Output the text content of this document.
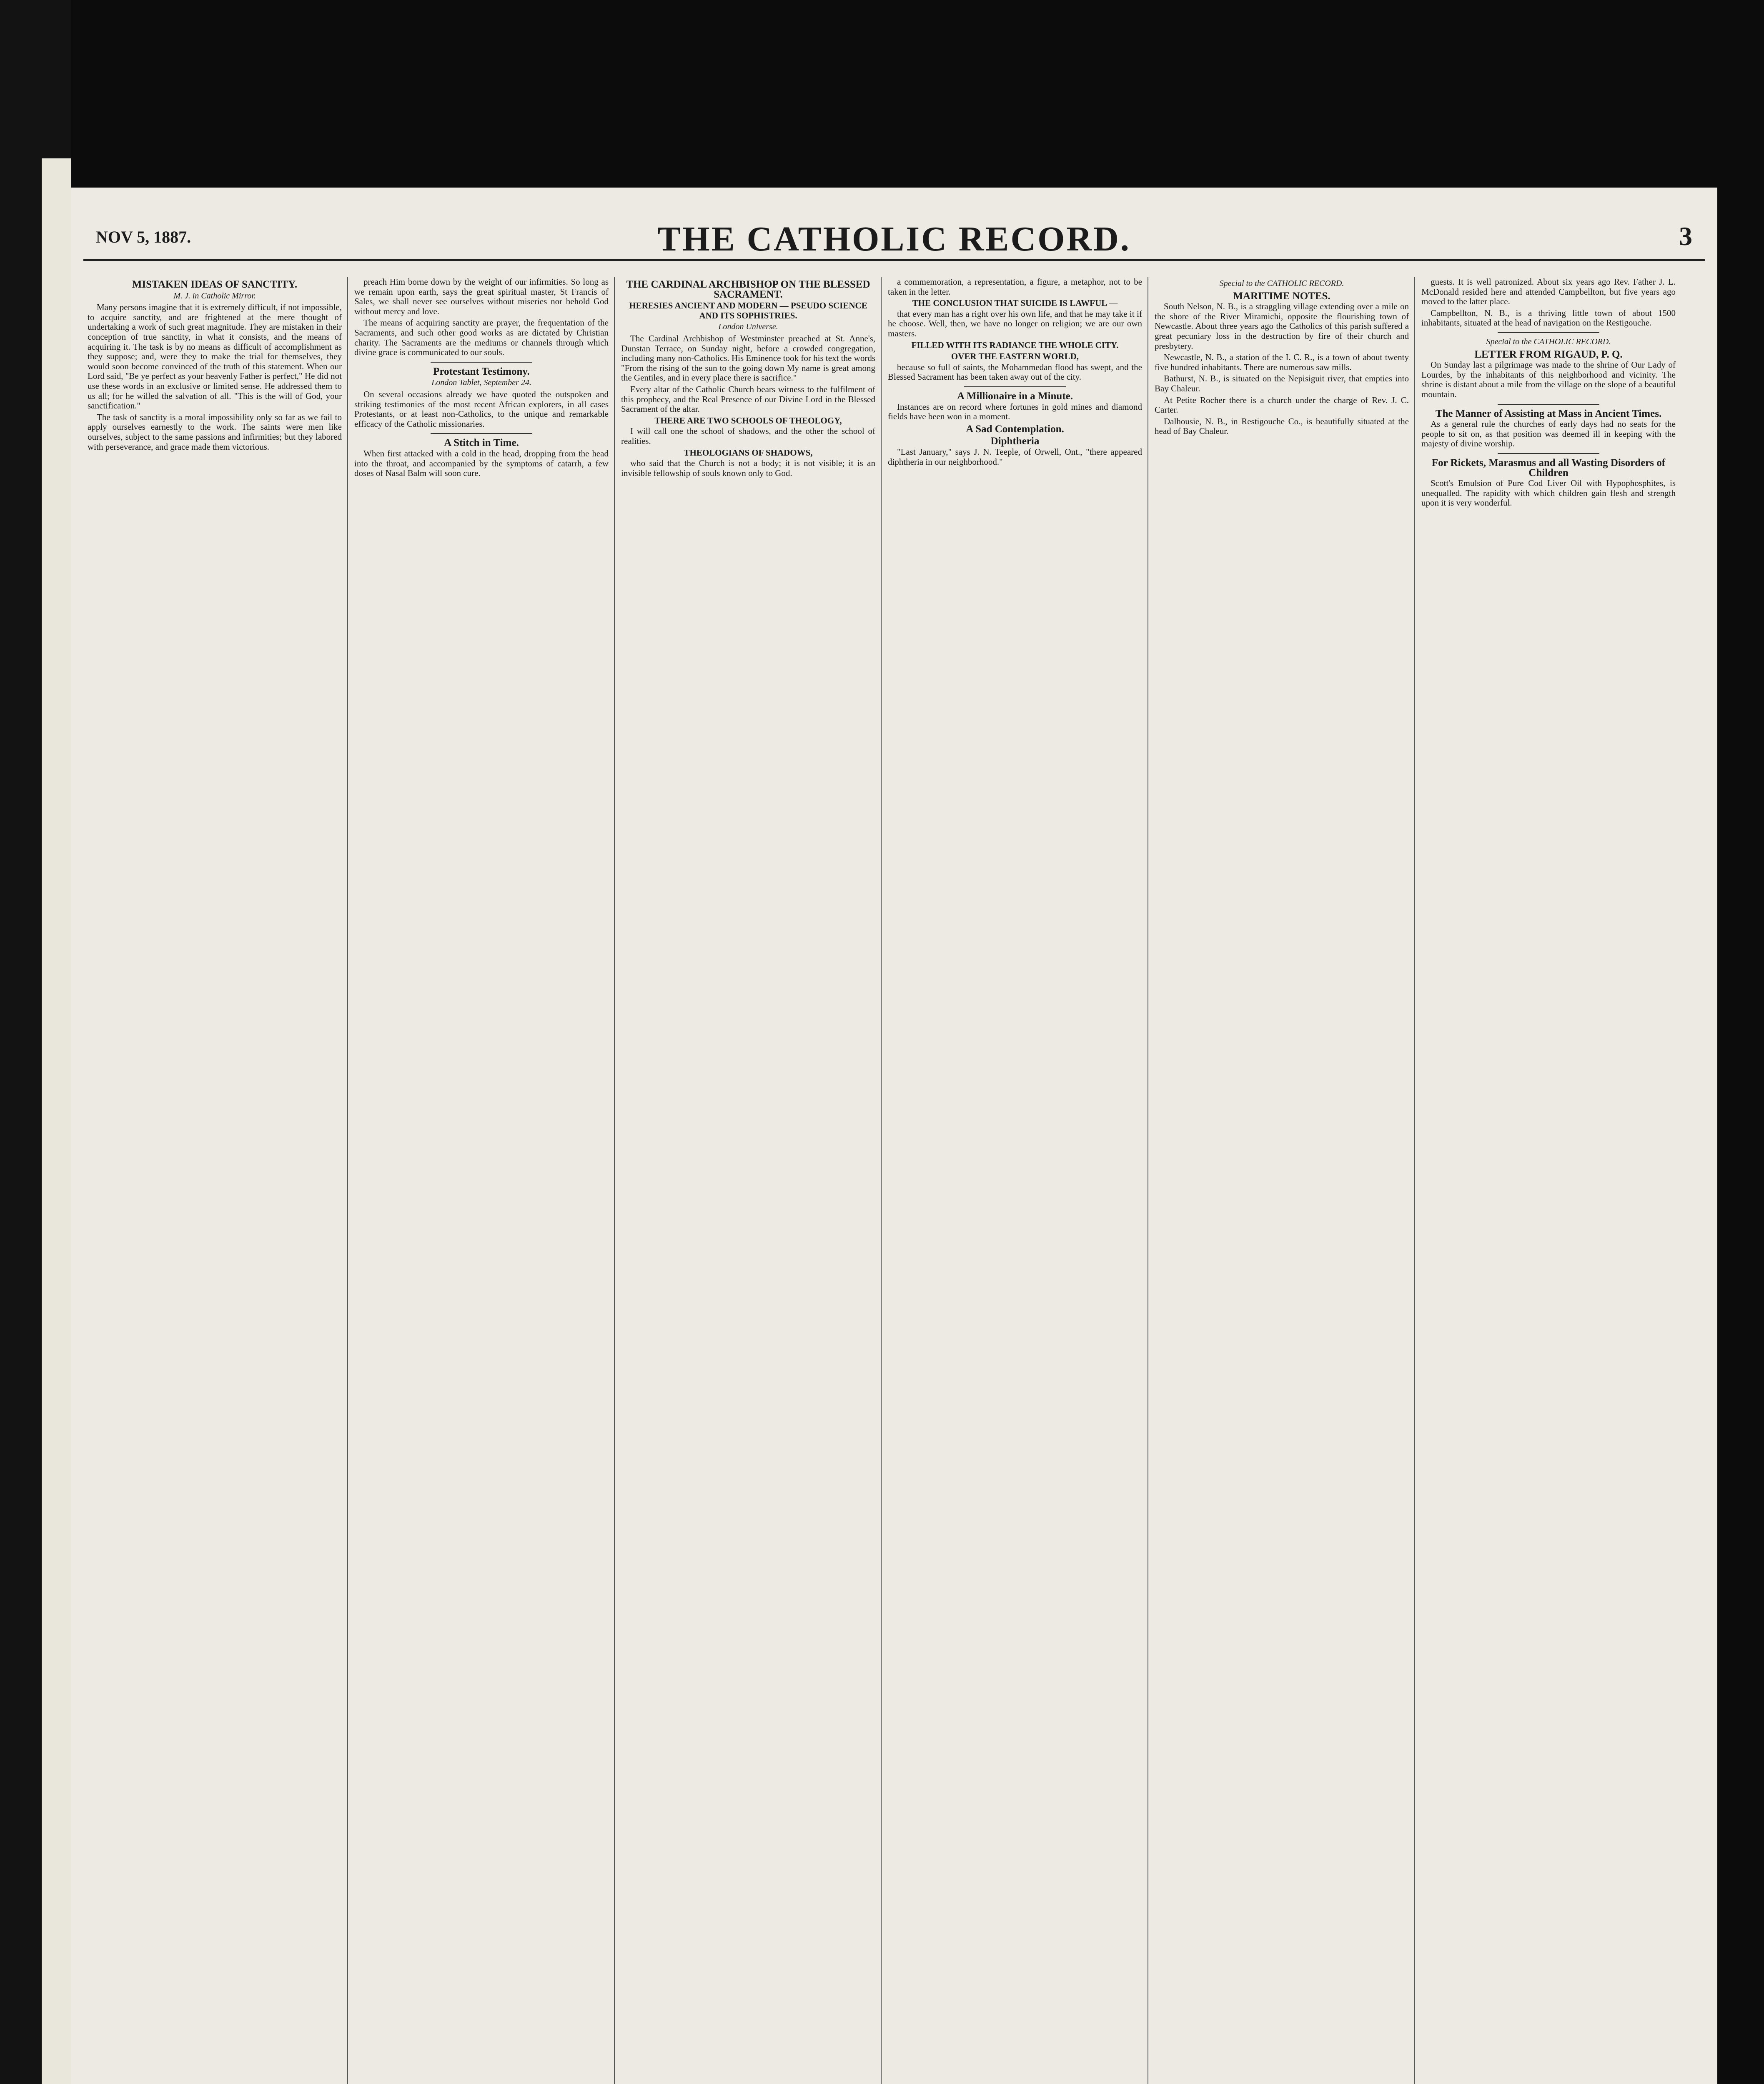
NOV 5, 1887.	THE CATHOLIC RECORD.	3
MISTAKEN IDEAS OF SANCTITY.
M. J. in Catholic Mirror.

Many persons imagine that it is extremely difficult, if not impossible, to acquire sanctity, and are frightened at the mere thought of undertaking a work of such great magnitude. They are mistaken in their conception of true sanctity, in what it consists, and the means of acquiring it. The task is by no means as difficult of accomplishment as they suppose; and, were they to make the trial for themselves, they would soon become convinced of the truth of this statement. When our Lord said, "Be ye perfect as your heavenly Father is perfect," He did not use these words in an exclusive or limited sense. He addressed them to us all; for he willed the salvation of all. "This is the will of God, your sanctification."

The task of sanctity is a moral impossibility only so far as we fail to apply ourselves earnestly to the work. The saints were men like ourselves, subject to the same passions and infirmities; but they labored with perseverance, and grace made them victorious.

preach Him borne down by the weight of our infirmities. So long as we remain upon earth, says the great spiritual master, St Francis of Sales, we shall never see ourselves without miseries nor behold God without mercy and love.

The means of acquiring sanctity are prayer, the frequentation of the Sacraments, and such other good works as are dictated by Christian charity. The Sacraments are the mediums or channels through which divine grace is communicated to our souls.

Protestant Testimony.
London Tablet, September 24.

On several occasions already we have quoted the outspoken and striking testimonies of the most recent African explorers, in all cases Protestants, or at least non-Catholics, to the unique and remarkable efficacy of the Catholic missionaries.

A Stitch in Time.

When first attacked with a cold in the head, dropping from the head into the throat, and accompanied by the symptoms of catarrh, a few doses of Nasal Balm will soon cure.

THE CARDINAL ARCHBISHOP ON THE BLESSED SACRAMENT.
HERESIES ANCIENT AND MODERN — PSEUDO SCIENCE AND ITS SOPHISTRIES.
London Universe.

The Cardinal Archbishop of Westminster preached at St. Anne's, Dunstan Terrace, on Sunday night, before a crowded congregation, including many non-Catholics. His Eminence took for his text the words "From the rising of the sun to the going down My name is great among the Gentiles, and in every place there is sacrifice."

Every altar of the Catholic Church bears witness to the fulfilment of this prophecy, and the Real Presence of our Divine Lord in the Blessed Sacrament of the altar.

THERE ARE TWO SCHOOLS OF THEOLOGY,

I will call one the school of shadows, and the other the school of realities.

THEOLOGIANS OF SHADOWS,

who said that the Church is not a body; it is not visible; it is an invisible fellowship of souls known only to God.

a commemoration, a representation, a figure, a metaphor, not to be taken in the letter.

THE CONCLUSION THAT SUICIDE IS LAWFUL —

that every man has a right over his own life, and that he may take it if he choose. Well, then, we have no longer on religion; we are our own masters.

FILLED WITH ITS RADIANCE THE WHOLE CITY.
OVER THE EASTERN WORLD,

because so full of saints, the Mohammedan flood has swept, and the Blessed Sacrament has been taken away out of the city.

A Millionaire in a Minute.

Instances are on record where fortunes in gold mines and diamond fields have been won in a moment.

A Sad Contemplation.
Diphtheria

"Last January," says J. N. Teeple, of Orwell, Ont., "there appeared diphtheria in our neighborhood."

Special to the CATHOLIC RECORD.
MARITIME NOTES.

South Nelson, N. B., is a straggling village extending over a mile on the shore of the River Miramichi, opposite the flourishing town of Newcastle. About three years ago the Catholics of this parish suffered a great pecuniary loss in the destruction by fire of their church and presbytery.

Newcastle, N. B., a station of the I. C. R., is a town of about twenty five hundred inhabitants. There are numerous saw mills.

Bathurst, N. B., is situated on the Nepisiguit river, that empties into Bay Chaleur.

At Petite Rocher there is a church under the charge of Rev. J. C. Carter.

Dalhousie, N. B., in Restigouche Co., is beautifully situated at the head of Bay Chaleur.

guests. It is well patronized. About six years ago Rev. Father J. L. McDonald resided here and attended Campbellton, but five years ago moved to the latter place.

Campbellton, N. B., is a thriving little town of about 1500 inhabitants, situated at the head of navigation on the Restigouche.

Special to the CATHOLIC RECORD.
LETTER FROM RIGAUD, P. Q.

On Sunday last a pilgrimage was made to the shrine of Our Lady of Lourdes, by the inhabitants of this neighborhood and vicinity. The shrine is distant about a mile from the village on the slope of a beautiful mountain.

The Manner of Assisting at Mass in Ancient Times.

As a general rule the churches of early days had no seats for the people to sit on, as that position was deemed ill in keeping with the majesty of divine worship.

For Rickets, Marasmus and all Wasting Disorders of Children

Scott's Emulsion of Pure Cod Liver Oil with Hypophosphites, is unequalled. The rapidity with which children gain flesh and strength upon it is very wonderful.
